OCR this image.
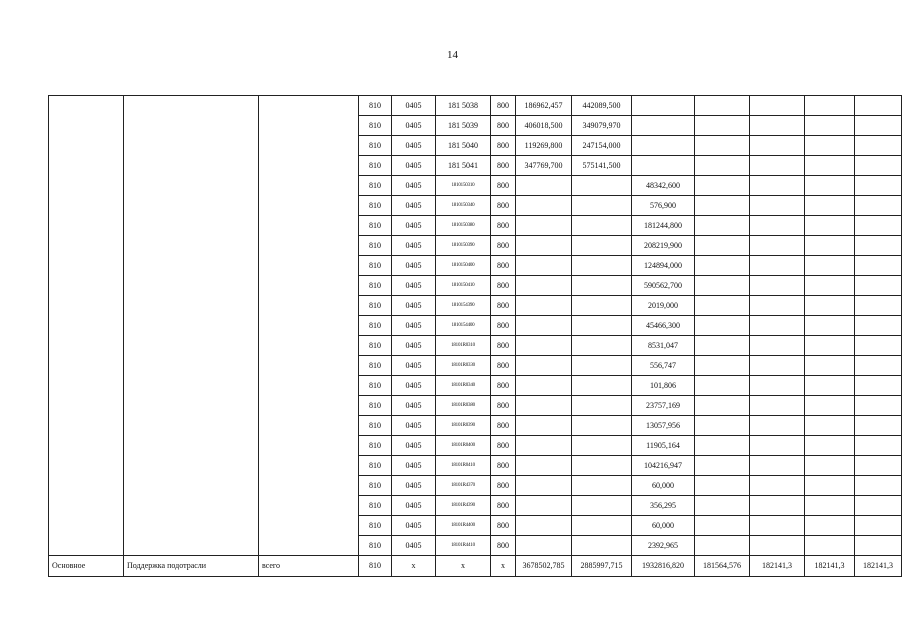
14
			810	0405	181 5038	800	186962,457	442089,500					
			810	0405	181 5039	800	406018,500	349079,970					
			810	0405	181 5040	800	119269,800	247154,000					
			810	0405	181 5041	800	347769,700	575141,500					
			810	0405	1810150310	800			48342,600				
			810	0405	1810150340	800			576,900				
			810	0405	1810150380	800			181244,800				
			810	0405	1810150390	800			208219,900				
			810	0405	1810150400	800			124894,000				
			810	0405	1810150410	800			590562,700				
			810	0405	1810154390	800			2019,000				
			810	0405	1810154400	800			45466,300				
			810	0405	18101R0310	800			8531,047				
			810	0405	18101R0330	800			556,747				
			810	0405	18101R0340	800			101,806				
			810	0405	18101R0380	800			23757,169				
			810	0405	18101R0390	800			13057,956				
			810	0405	18101R0400	800			11905,164				
			810	0405	18101R0410	800			104216,947				
			810	0405	18101R4370	800			60,000				
			810	0405	18101R4390	800			356,295				
			810	0405	18101R4400	800			60,000				
			810	0405	18101R4410	800			2392,965				
Основное	Поддержка подотрасли	всего	810	x	x	x	3678502,785	2885997,715	1932816,820	181564,576	182141,3	182141,3	182141,3
